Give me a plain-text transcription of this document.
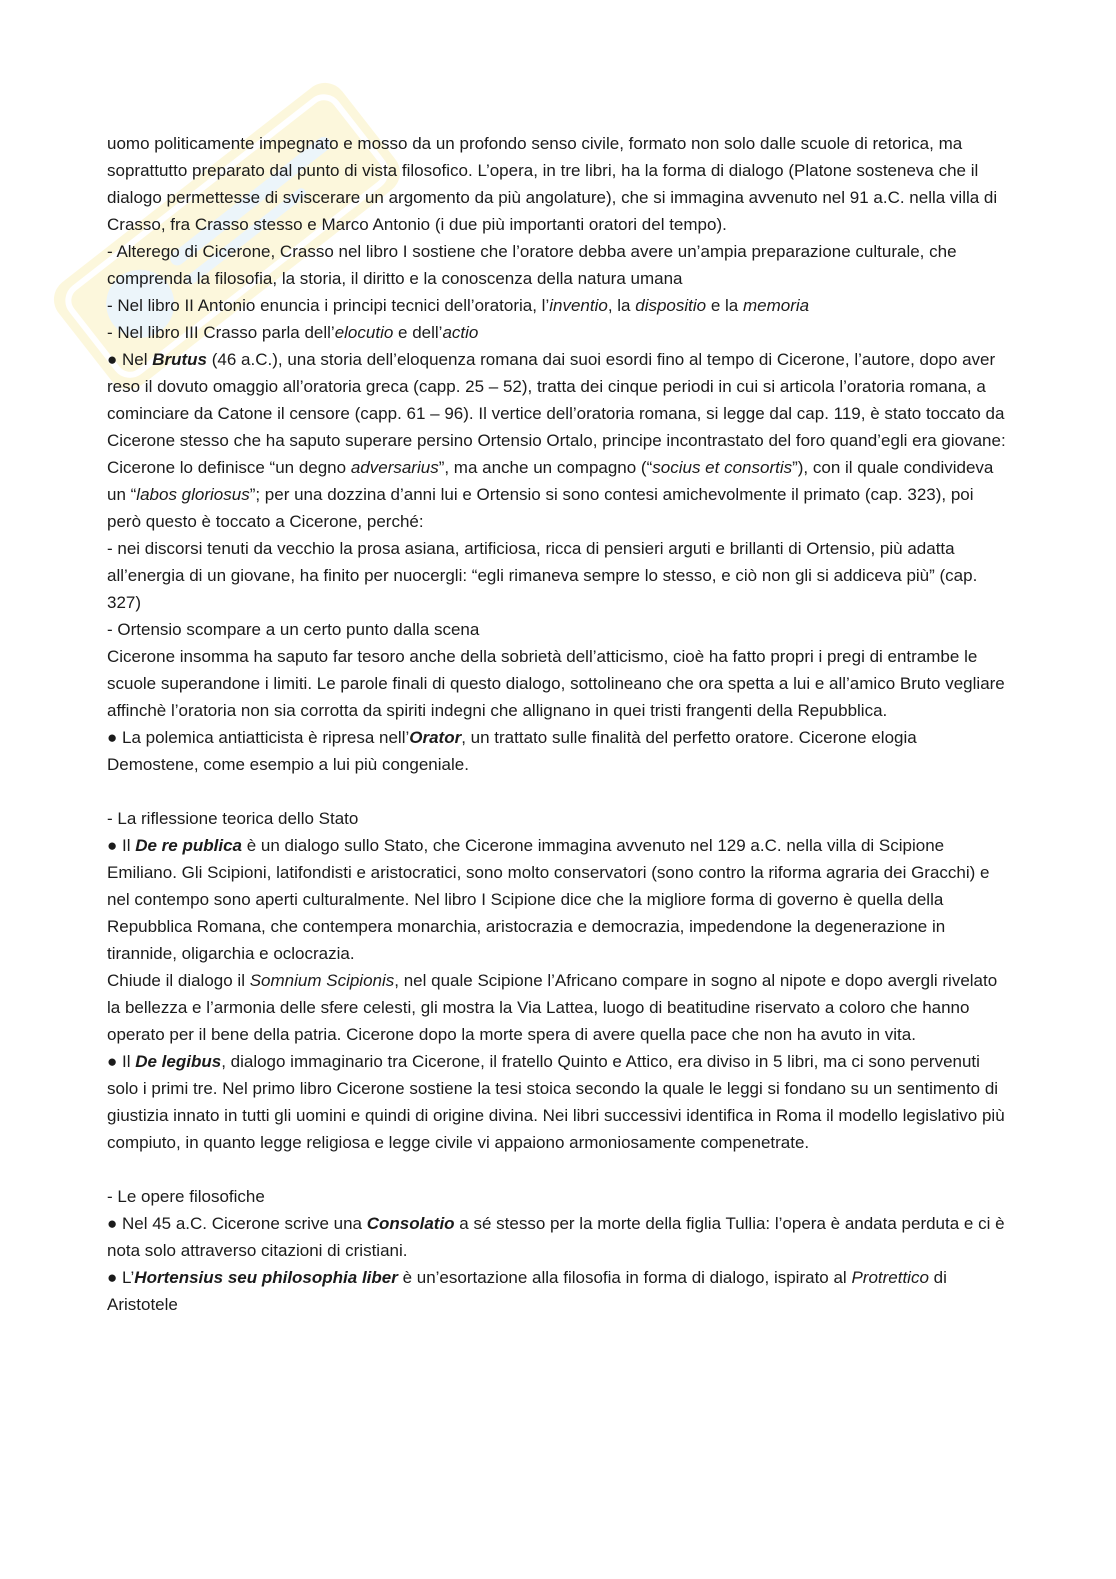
uomo politicamente impegnato e mosso da un profondo senso civile, formato non solo dalle scuole di retorica, ma soprattutto preparato dal punto di vista filosofico. L’opera, in tre libri, ha la forma di dialogo (Platone sosteneva che il dialogo permettesse di sviscerare un argomento da più angolature), che si immagina avvenuto nel 91 a.C. nella villa di Crasso, fra Crasso stesso e Marco Antonio (i due più importanti oratori del tempo).

- Alterego di Cicerone, Crasso nel libro I sostiene che l’oratore debba avere un’ampia preparazione culturale, che comprenda la filosofia, la storia, il diritto e la conoscenza della natura umana

- Nel libro II Antonio enuncia i principi tecnici dell’oratoria, l’inventio, la dispositio e la memoria

- Nel libro III Crasso parla dell’elocutio e dell’actio

● Nel Brutus (46 a.C.), una storia dell’eloquenza romana dai suoi esordi fino al tempo di Cicerone, l’autore, dopo aver reso il dovuto omaggio all’oratoria greca (capp. 25 – 52), tratta dei cinque periodi in cui si articola l’oratoria romana, a cominciare da Catone il censore (capp. 61 – 96). Il vertice dell’oratoria romana, si legge dal cap. 119, è stato toccato da Cicerone stesso che ha saputo superare persino Ortensio Ortalo, principe incontrastato del foro quand’egli era giovane: Cicerone lo definisce “un degno adversarius”, ma anche un compagno (“socius et consortis”), con il quale condivideva un “labos gloriosus”; per una dozzina d’anni lui e Ortensio si sono contesi amichevolmente il primato (cap. 323), poi però questo è toccato a Cicerone, perché:

- nei discorsi tenuti da vecchio la prosa asiana, artificiosa, ricca di pensieri arguti e brillanti di Ortensio, più adatta all’energia di un giovane, ha finito per nuocergli: “egli rimaneva sempre lo stesso, e ciò non gli si addiceva più” (cap. 327)

- Ortensio scompare a un certo punto dalla scena

Cicerone insomma ha saputo far tesoro anche della sobrietà dell’atticismo, cioè ha fatto propri i pregi di entrambe le scuole superandone i limiti. Le parole finali di questo dialogo, sottolineano che ora spetta a lui e all’amico Bruto vegliare affinchè l’oratoria non sia corrotta da spiriti indegni che allignano in quei tristi frangenti della Repubblica.

● La polemica antiatticista è ripresa nell’Orator, un trattato sulle finalità del perfetto oratore. Cicerone elogia Demostene, come esempio a lui più congeniale.

- La riflessione teorica dello Stato

● Il De re publica è un dialogo sullo Stato, che Cicerone immagina avvenuto nel 129 a.C. nella villa di Scipione Emiliano. Gli Scipioni, latifondisti e aristocratici, sono molto conservatori (sono contro la riforma agraria dei Gracchi) e nel contempo sono aperti culturalmente. Nel libro I Scipione dice che la migliore forma di governo è quella della Repubblica Romana, che contempera monarchia, aristocrazia e democrazia, impedendone la degenerazione in tirannide, oligarchia e oclocrazia.

Chiude il dialogo il Somnium Scipionis, nel quale Scipione l’Africano compare in sogno al nipote e dopo avergli rivelato la bellezza e l’armonia delle sfere celesti, gli mostra la Via Lattea, luogo di beatitudine riservato a coloro che hanno operato per il bene della patria. Cicerone dopo la morte spera di avere quella pace che non ha avuto in vita.

● Il De legibus, dialogo immaginario tra Cicerone, il fratello Quinto e Attico, era diviso in 5 libri, ma ci sono pervenuti solo i primi tre. Nel primo libro Cicerone sostiene la tesi stoica secondo la quale le leggi si fondano su un sentimento di giustizia innato in tutti gli uomini e quindi di origine divina. Nei libri successivi identifica in Roma il modello legislativo più compiuto, in quanto legge religiosa e legge civile vi appaiono armoniosamente compenetrate.

- Le opere filosofiche

● Nel 45 a.C. Cicerone scrive una Consolatio a sé stesso per la morte della figlia Tullia: l’opera è andata perduta e ci è nota solo attraverso citazioni di cristiani.

● L’Hortensius seu philosophia liber è un’esortazione alla filosofia in forma di dialogo, ispirato al Protrettico di Aristotele
